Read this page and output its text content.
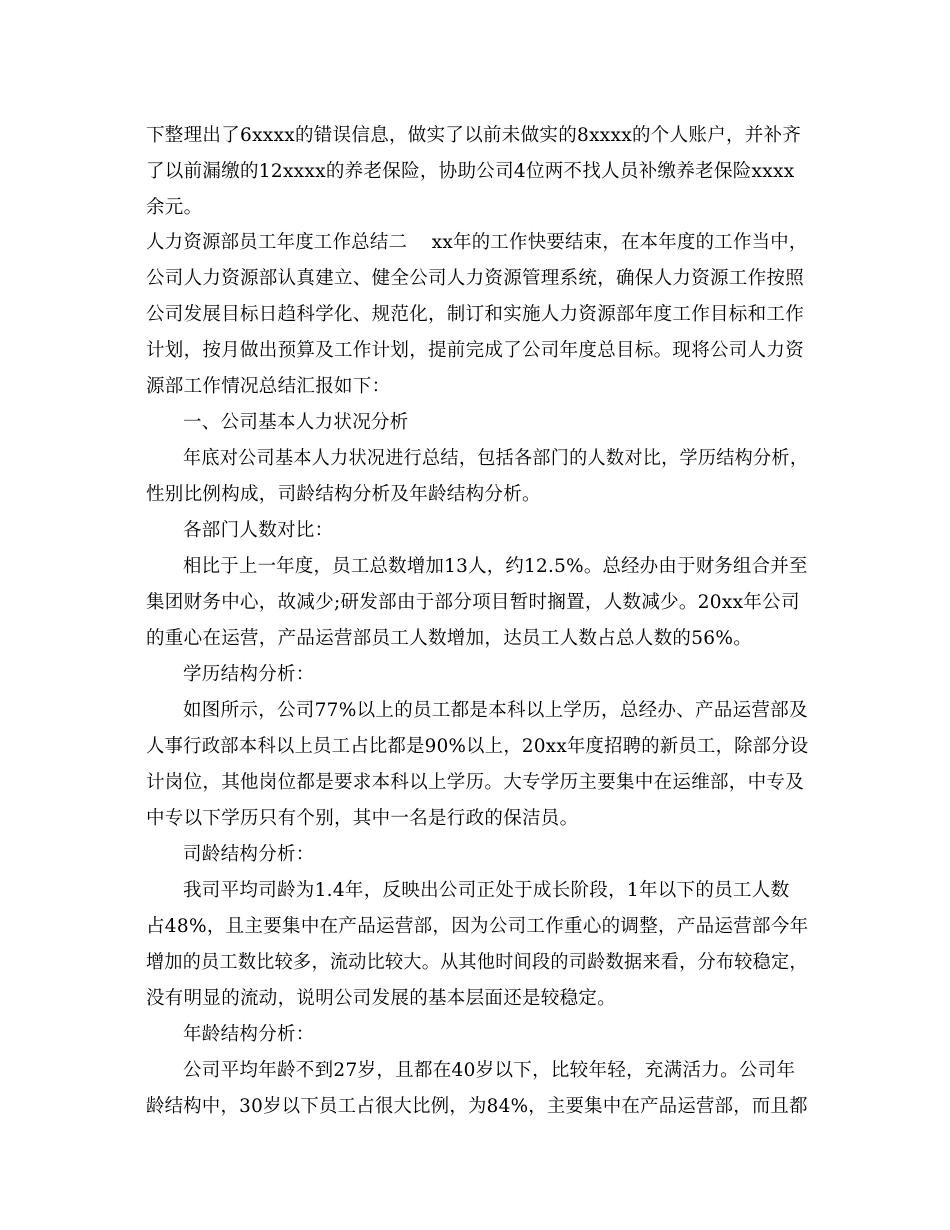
下整理出了6xxxx的错误信息，做实了以前未做实的8xxxx的个人账户，并补齐
了以前漏缴的12xxxx的养老保险，协助公司4位两不找人员补缴养老保险xxxx
余元。
人力资源部员工年度工作总结二    xx年的工作快要结束，在本年度的工作当中，
公司人力资源部认真建立、健全公司人力资源管理系统，确保人力资源工作按照
公司发展目标日趋科学化、规范化，制订和实施人力资源部年度工作目标和工作
计划，按月做出预算及工作计划，提前完成了公司年度总目标。现将公司人力资
源部工作情况总结汇报如下：
一、公司基本人力状况分析
年底对公司基本人力状况进行总结，包括各部门的人数对比，学历结构分析，
性别比例构成，司龄结构分析及年龄结构分析。
各部门人数对比：
相比于上一年度，员工总数增加13人，约12.5%。总经办由于财务组合并至
集团财务中心，故减少;研发部由于部分项目暂时搁置，人数减少。20xx年公司
的重心在运营，产品运营部员工人数增加，达员工人数占总人数的56%。
学历结构分析：
如图所示，公司77%以上的员工都是本科以上学历，总经办、产品运营部及
人事行政部本科以上员工占比都是90%以上，20xx年度招聘的新员工，除部分设
计岗位，其他岗位都是要求本科以上学历。大专学历主要集中在运维部，中专及
中专以下学历只有个别，其中一名是行政的保洁员。
司龄结构分析：
我司平均司龄为1.4年，反映出公司正处于成长阶段，1年以下的员工人数
占48%，且主要集中在产品运营部，因为公司工作重心的调整，产品运营部今年
增加的员工数比较多，流动比较大。从其他时间段的司龄数据来看，分布较稳定，
没有明显的流动，说明公司发展的基本层面还是较稳定。
年龄结构分析：
公司平均年龄不到27岁，且都在40岁以下，比较年轻，充满活力。公司年
龄结构中，30岁以下员工占很大比例，为84%，主要集中在产品运营部，而且都
